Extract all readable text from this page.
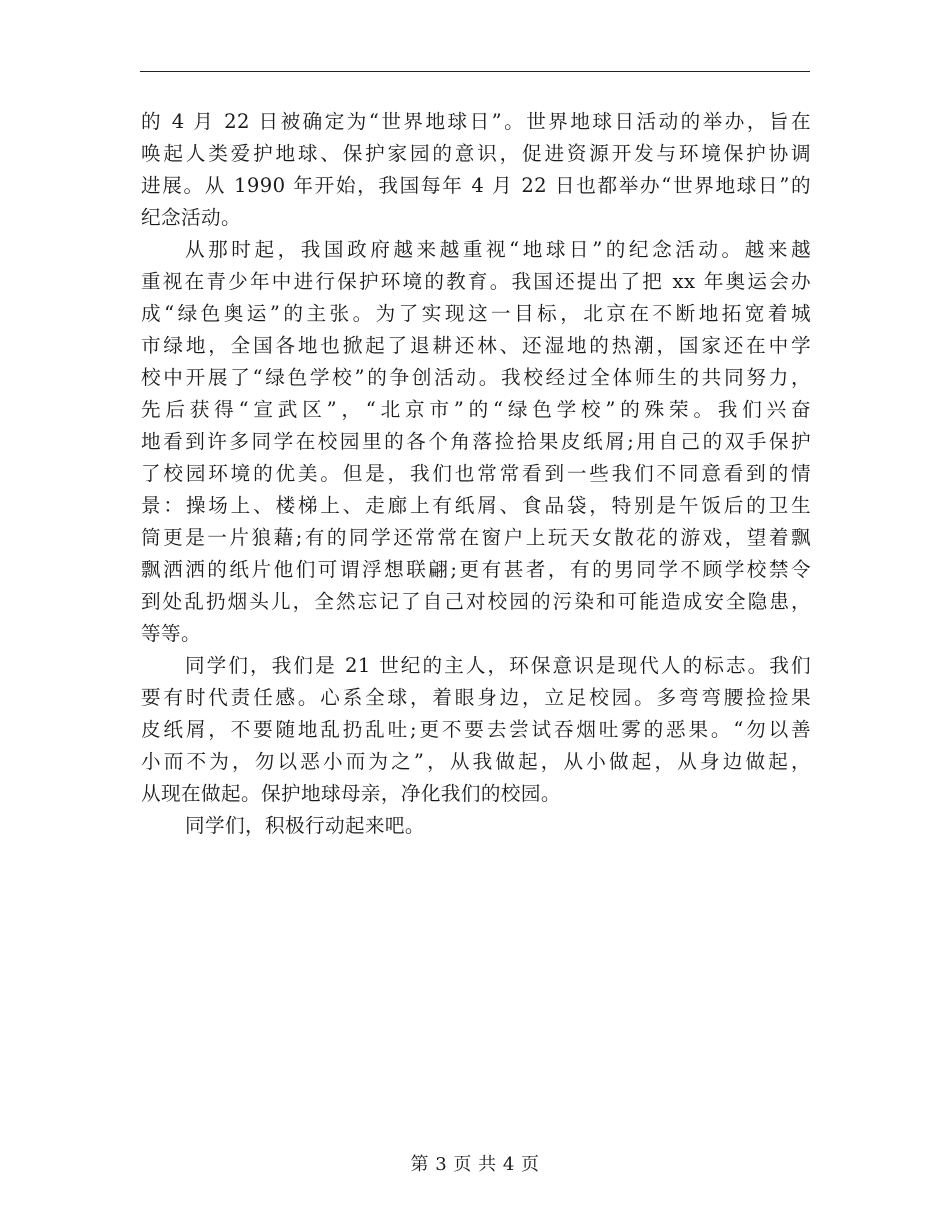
的 4 月 22 日被确定为“世界地球日”。世界地球日活动的举办，旨在
唤起人类爱护地球、保护家园的意识，促进资源开发与环境保护协调
进展。从 1990 年开始，我国每年 4 月 22 日也都举办“世界地球日”的
纪念活动。
从那时起，我国政府越来越重视“地球日”的纪念活动。越来越
重视在青少年中进行保护环境的教育。我国还提出了把 xx 年奥运会办
成“绿色奥运”的主张。为了实现这一目标，北京在不断地拓宽着城
市绿地，全国各地也掀起了退耕还林、还湿地的热潮，国家还在中学
校中开展了“绿色学校”的争创活动。我校经过全体师生的共同努力，
先后获得“宣武区”，“北京市”的“绿色学校”的殊荣。我们兴奋
地看到许多同学在校园里的各个角落捡拾果皮纸屑;用自己的双手保护
了校园环境的优美。但是，我们也常常看到一些我们不同意看到的情
景：操场上、楼梯上、走廊上有纸屑、食品袋，特别是午饭后的卫生
筒更是一片狼藉;有的同学还常常在窗户上玩天女散花的游戏，望着飘
飘洒洒的纸片他们可谓浮想联翩;更有甚者，有的男同学不顾学校禁令
到处乱扔烟头儿，全然忘记了自己对校园的污染和可能造成安全隐患，
等等。
同学们，我们是 21 世纪的主人，环保意识是现代人的标志。我们
要有时代责任感。心系全球，着眼身边，立足校园。多弯弯腰捡捡果
皮纸屑，不要随地乱扔乱吐;更不要去尝试吞烟吐雾的恶果。“勿以善
小而不为，勿以恶小而为之”，从我做起，从小做起，从身边做起，
从现在做起。保护地球母亲，净化我们的校园。
同学们，积极行动起来吧。
第 3 页 共 4 页
